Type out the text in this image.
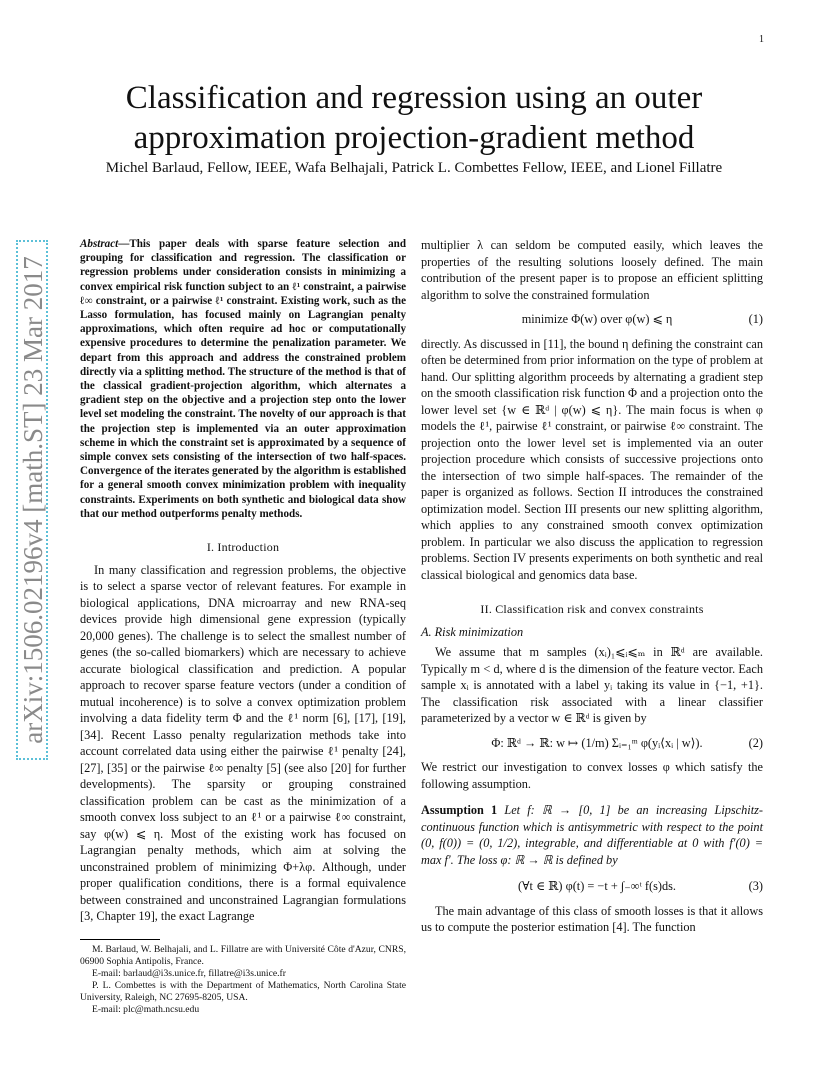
1
arXiv:1506.02196v4 [math.ST] 23 Mar 2017
Classification and regression using an outer approximation projection-gradient method
Michel Barlaud, Fellow, IEEE, Wafa Belhajali, Patrick L. Combettes Fellow, IEEE, and Lionel Fillatre
Abstract—This paper deals with sparse feature selection and grouping for classification and regression. The classification or regression problems under consideration consists in minimizing a convex empirical risk function subject to an ℓ¹ constraint, a pairwise ℓ∞ constraint, or a pairwise ℓ¹ constraint. Existing work, such as the Lasso formulation, has focused mainly on Lagrangian penalty approximations, which often require ad hoc or computationally expensive procedures to determine the penalization parameter. We depart from this approach and address the constrained problem directly via a splitting method. The structure of the method is that of the classical gradient-projection algorithm, which alternates a gradient step on the objective and a projection step onto the lower level set modeling the constraint. The novelty of our approach is that the projection step is implemented via an outer approximation scheme in which the constraint set is approximated by a sequence of simple convex sets consisting of the intersection of two half-spaces. Convergence of the iterates generated by the algorithm is established for a general smooth convex minimization problem with inequality constraints. Experiments on both synthetic and biological data show that our method outperforms penalty methods.
I. Introduction

In many classification and regression problems, the objective is to select a sparse vector of relevant features. For example in biological applications, DNA microarray and new RNA-seq devices provide high dimensional gene expression (typically 20,000 genes). The challenge is to select the smallest number of genes (the so-called biomarkers) which are necessary to achieve accurate biological classification and prediction. A popular approach to recover sparse feature vectors (under a condition of mutual incoherence) is to solve a convex optimization problem involving a data fidelity term Φ and the ℓ¹ norm [6], [17], [19], [34]. Recent Lasso penalty regularization methods take into account correlated data using either the pairwise ℓ¹ penalty [24], [27], [35] or the pairwise ℓ∞ penalty [5] (see also [20] for further developments). The sparsity or grouping constrained classification problem can be cast as the minimization of a smooth convex loss subject to an ℓ¹ or a pairwise ℓ∞ constraint, say φ(w) ⩽ η. Most of the existing work has focused on Lagrangian penalty methods, which aim at solving the unconstrained problem of minimizing Φ+λφ. Although, under proper qualification conditions, there is a formal equivalence between constrained and unconstrained Lagrangian formulations [3, Chapter 19], the exact Lagrange

M. Barlaud, W. Belhajali, and L. Fillatre are with Université Côte d'Azur, CNRS, 06900 Sophia Antipolis, France.

E-mail: barlaud@i3s.unice.fr, fillatre@i3s.unice.fr

P. L. Combettes is with the Department of Mathematics, North Carolina State University, Raleigh, NC 27695-8205, USA.

E-mail: plc@math.ncsu.edu

multiplier λ can seldom be computed easily, which leaves the properties of the resulting solutions loosely defined. The main contribution of the present paper is to propose an efficient splitting algorithm to solve the constrained formulation

minimize Φ(w) over φ(w) ⩽ η	(1)

directly. As discussed in [11], the bound η defining the constraint can often be determined from prior information on the type of problem at hand. Our splitting algorithm proceeds by alternating a gradient step on the smooth classification risk function Φ and a projection onto the lower level set {w ∈ ℝᵈ | φ(w) ⩽ η}. The main focus is when φ models the ℓ¹, pairwise ℓ¹ constraint, or pairwise ℓ∞ constraint. The projection onto the lower level set is implemented via an outer projection procedure which consists of successive projections onto the intersection of two simple half-spaces. The remainder of the paper is organized as follows. Section II introduces the constrained optimization model. Section III presents our new splitting algorithm, which applies to any constrained smooth convex optimization problem. In particular we also discuss the application to regression problems. Section IV presents experiments on both synthetic and real classical biological and genomics data base.

II. Classification risk and convex constraints
A. Risk minimization

We assume that m samples (xᵢ)₁⩽ᵢ⩽ₘ in ℝᵈ are available. Typically m < d, where d is the dimension of the feature vector. Each sample xᵢ is annotated with a label yᵢ taking its value in {−1, +1}. The classification risk associated with a linear classifier parameterized by a vector w ∈ ℝᵈ is given by

Φ: ℝᵈ → ℝ: w ↦ (1/m) Σᵢ₌₁ᵐ φ(yᵢ⟨xᵢ | w⟩).	(2)

We restrict our investigation to convex losses φ which satisfy the following assumption.

Assumption 1 Let f: ℝ → [0, 1] be an increasing Lipschitz-continuous function which is antisymmetric with respect to the point (0, f(0)) = (0, 1/2), integrable, and differentiable at 0 with f′(0) = max f′. The loss φ: ℝ → ℝ is defined by
(∀t ∈ ℝ) φ(t) = −t + ∫₋∞ᵗ f(s)ds.	(3)

The main advantage of this class of smooth losses is that it allows us to compute the posterior estimation [4]. The function
